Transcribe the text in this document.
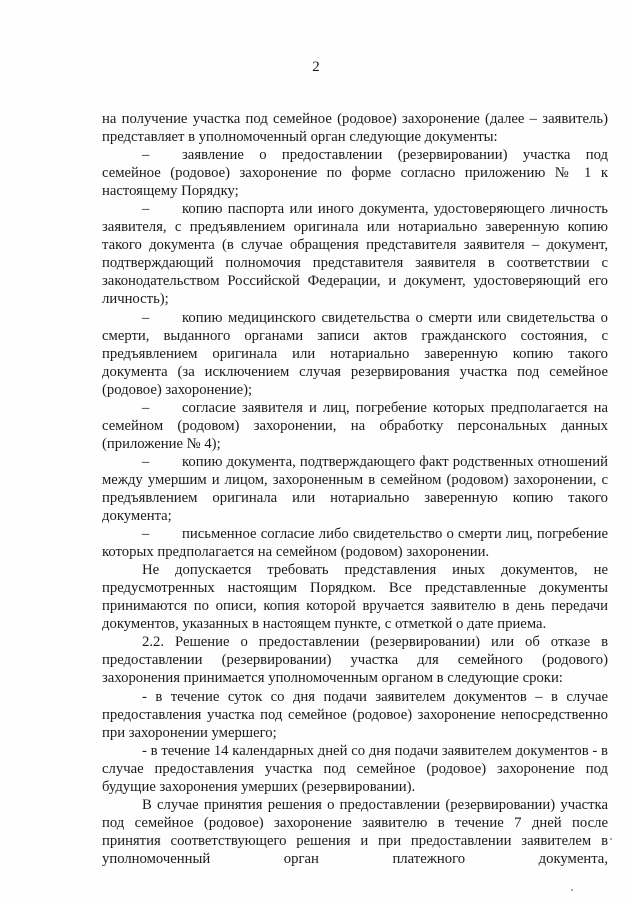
2

на получение участка под семейное (родовое) захоронение (далее – заявитель) представляет в уполномоченный орган следующие документы:

– заявление о предоставлении (резервировании) участка под семейное (родовое) захоронение по форме согласно приложению № 1 к настоящему Порядку;

– копию паспорта или иного документа, удостоверяющего личность заявителя, с предъявлением оригинала или нотариально заверенную копию такого документа (в случае обращения представителя заявителя – документ, подтверждающий полномочия представителя заявителя в соответствии с законодательством Российской Федерации, и документ, удостоверяющий его личность);

– копию медицинского свидетельства о смерти или свидетельства о смерти, выданного органами записи актов гражданского состояния, с предъявлением оригинала или нотариально заверенную копию такого документа (за исключением случая резервирования участка под семейное (родовое) захоронение);

– согласие заявителя и лиц, погребение которых предполагается на семейном (родовом) захоронении, на обработку персональных данных (приложение № 4);

– копию документа, подтверждающего факт родственных отношений между умершим и лицом, захороненным в семейном (родовом) захоронении, с предъявлением оригинала или нотариально заверенную копию такого документа;

– письменное согласие либо свидетельство о смерти лиц, погребение которых предполагается на семейном (родовом) захоронении.

Не допускается требовать представления иных документов, не предусмотренных настоящим Порядком. Все представленные документы принимаются по описи, копия которой вручается заявителю в день передачи документов, указанных в настоящем пункте, с отметкой о дате приема.

2.2. Решение о предоставлении (резервировании) или об отказе в предоставлении (резервировании) участка для семейного (родового) захоронения принимается уполномоченным органом в следующие сроки:

- в течение суток со дня подачи заявителем документов – в случае предоставления участка под семейное (родовое) захоронение непосредственно при захоронении умершего;

- в течение 14 календарных дней со дня подачи заявителем документов - в случае предоставления участка под семейное (родовое) захоронение под будущие захоронения умерших (резервировании).

В случае принятия решения о предоставлении (резервировании) участка под семейное (родовое) захоронение заявителю в течение 7 дней после принятия соответствующего решения и при предоставлении заявителем в уполномоченный орган платежного документа,
